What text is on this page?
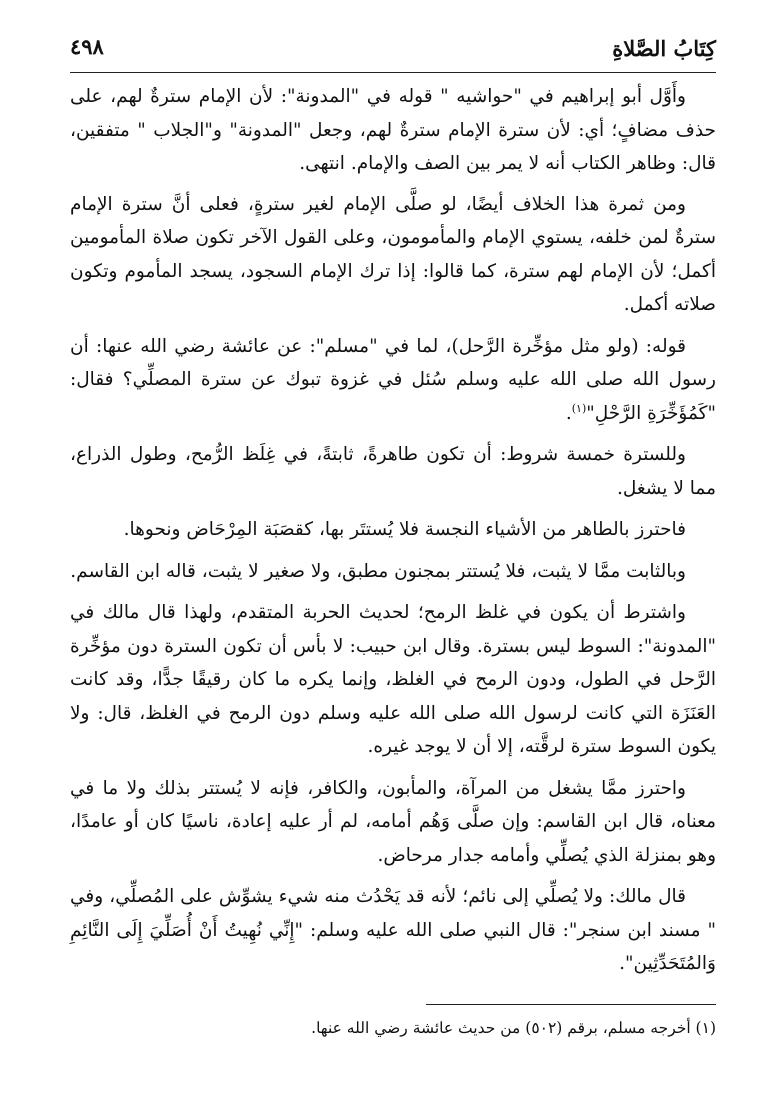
كِتَابُ الصَّلاةِ
٤٩٨

وأَوَّل أبو إبراهيم في "حواشيه " قوله في "المدونة": لأن الإمام سترةٌ لهم، على حذف مضافٍ؛ أي: لأن سترة الإمام سترةٌ لهم، وجعل "المدونة" و"الجلاب " متفقين، قال: وظاهر الكتاب أنه لا يمر بين الصف والإمام. انتهى.

ومن ثمرة هذا الخلاف أيضًا، لو صلَّى الإمام لغير سترةٍ، فعلى أنَّ سترة الإمام سترةٌ لمن خلفه، يستوي الإمام والمأمومون، وعلى القول الآخر تكون صلاة المأمومين أكمل؛ لأن الإمام لهم سترة، كما قالوا: إذا ترك الإمام السجود، يسجد المأموم وتكون صلاته أكمل.

قوله: (ولو مثل مؤخِّرة الرَّحل)، لما في "مسلم": عن عائشة رضي الله عنها: أن رسول الله صلى الله عليه وسلم سُئل في غزوة تبوك عن سترة المصلِّي؟ فقال: "كَمُؤَخِّرَةِ الرَّحْلِ"$^{(١)}$.

وللسترة خمسة شروط: أن تكون طاهرةً، ثابتةً، في غِلَظ الرُّمح، وطول الذراع، مما لا يشغل.

فاحترز بالطاهر من الأشياء النجسة فلا يُستتَر بها، كقصَبَة المِرْحَاض ونحوها.

وبالثابت ممَّا لا يثبت، فلا يُستتر بمجنون مطبق، ولا صغير لا يثبت، قاله ابن القاسم.

واشترط أن يكون في غلظ الرمح؛ لحديث الحربة المتقدم، ولهذا قال مالك في "المدونة": السوط ليس بسترة. وقال ابن حبيب: لا بأس أن تكون السترة دون مؤخِّرة الرَّحل في الطول، ودون الرمح في الغلظ، وإنما يكره ما كان رقيقًا جدًّا، وقد كانت العَنَزَة التي كانت لرسول الله صلى الله عليه وسلم دون الرمح في الغلظ، قال: ولا يكون السوط سترة لرقَّته، إلا أن لا يوجد غيره.

واحترز ممَّا يشغل من المرآة، والمأبون، والكافر، فإنه لا يُستتر بذلك ولا ما في معناه، قال ابن القاسم: وإن صلَّى وَهُم أمامه، لم أر عليه إعادة، ناسيًا كان أو عامدًا، وهو بمنزلة الذي يُصلِّي وأمامه جدار مرحاض.

قال مالك: ولا يُصلِّي إلى نائم؛ لأنه قد يَحْدُث منه شيء يشوِّش على المُصلِّي، وفي " مسند ابن سنجر": قال النبي صلى الله عليه وسلم: "إِنِّي نُهِيتُ أَنْ أُصَلِّيَ إِلَى النَّائِمِ وَالمُتَحَدِّثِين".

(١) أخرجه مسلم، برقم (٥٠٢) من حديث عائشة رضي الله عنها.
